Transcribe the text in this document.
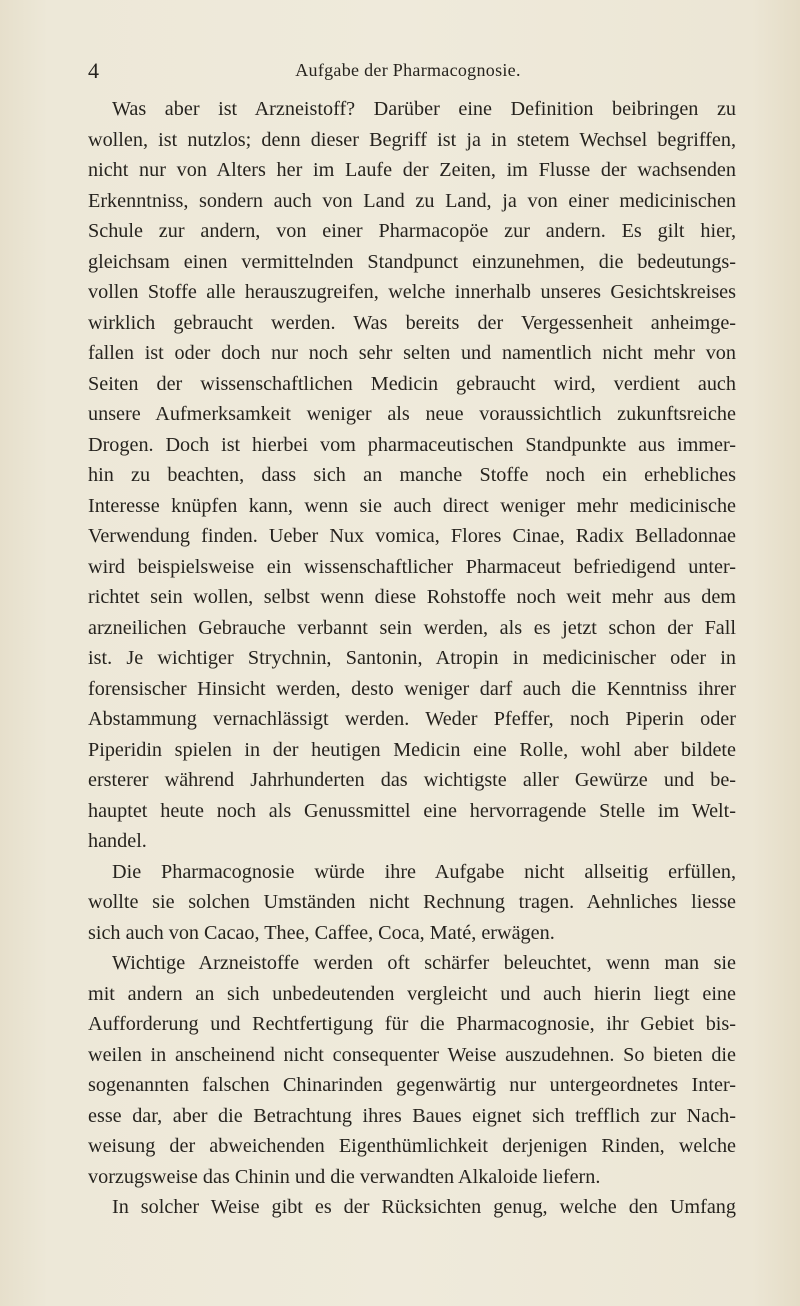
4	Aufgabe der Pharmacognosie.
Was aber ist Arzneistoff? Darüber eine Definition beibringen zu
wollen, ist nutzlos; denn dieser Begriff ist ja in stetem Wechsel begriffen,
nicht nur von Alters her im Laufe der Zeiten, im Flusse der wachsenden
Erkenntniss, sondern auch von Land zu Land, ja von einer medicinischen
Schule zur andern, von einer Pharmacopöe zur andern. Es gilt hier,
gleichsam einen vermittelnden Standpunct einzunehmen, die bedeutungs-
vollen Stoffe alle herauszugreifen, welche innerhalb unseres Gesichtskreises
wirklich gebraucht werden. Was bereits der Vergessenheit anheimge-
fallen ist oder doch nur noch sehr selten und namentlich nicht mehr von
Seiten der wissenschaftlichen Medicin gebraucht wird, verdient auch
unsere Aufmerksamkeit weniger als neue voraussichtlich zukunftsreiche
Drogen. Doch ist hierbei vom pharmaceutischen Standpunkte aus immer-
hin zu beachten, dass sich an manche Stoffe noch ein erhebliches
Interesse knüpfen kann, wenn sie auch direct weniger mehr medicinische
Verwendung finden. Ueber Nux vomica, Flores Cinae, Radix Belladonnae
wird beispielsweise ein wissenschaftlicher Pharmaceut befriedigend unter-
richtet sein wollen, selbst wenn diese Rohstoffe noch weit mehr aus dem
arzneilichen Gebrauche verbannt sein werden, als es jetzt schon der Fall
ist. Je wichtiger Strychnin, Santonin, Atropin in medicinischer oder in
forensischer Hinsicht werden, desto weniger darf auch die Kenntniss ihrer
Abstammung vernachlässigt werden. Weder Pfeffer, noch Piperin oder
Piperidin spielen in der heutigen Medicin eine Rolle, wohl aber bildete
ersterer während Jahrhunderten das wichtigste aller Gewürze und be-
hauptet heute noch als Genussmittel eine hervorragende Stelle im Welt-
handel.
Die Pharmacognosie würde ihre Aufgabe nicht allseitig erfüllen,
wollte sie solchen Umständen nicht Rechnung tragen. Aehnliches liesse
sich auch von Cacao, Thee, Caffee, Coca, Maté, erwägen.
Wichtige Arzneistoffe werden oft schärfer beleuchtet, wenn man sie
mit andern an sich unbedeutenden vergleicht und auch hierin liegt eine
Aufforderung und Rechtfertigung für die Pharmacognosie, ihr Gebiet bis-
weilen in anscheinend nicht consequenter Weise auszudehnen. So bieten die
sogenannten falschen Chinarinden gegenwärtig nur untergeordnetes Inter-
esse dar, aber die Betrachtung ihres Baues eignet sich trefflich zur Nach-
weisung der abweichenden Eigenthümlichkeit derjenigen Rinden, welche
vorzugsweise das Chinin und die verwandten Alkaloide liefern.
In solcher Weise gibt es der Rücksichten genug, welche den Umfang
